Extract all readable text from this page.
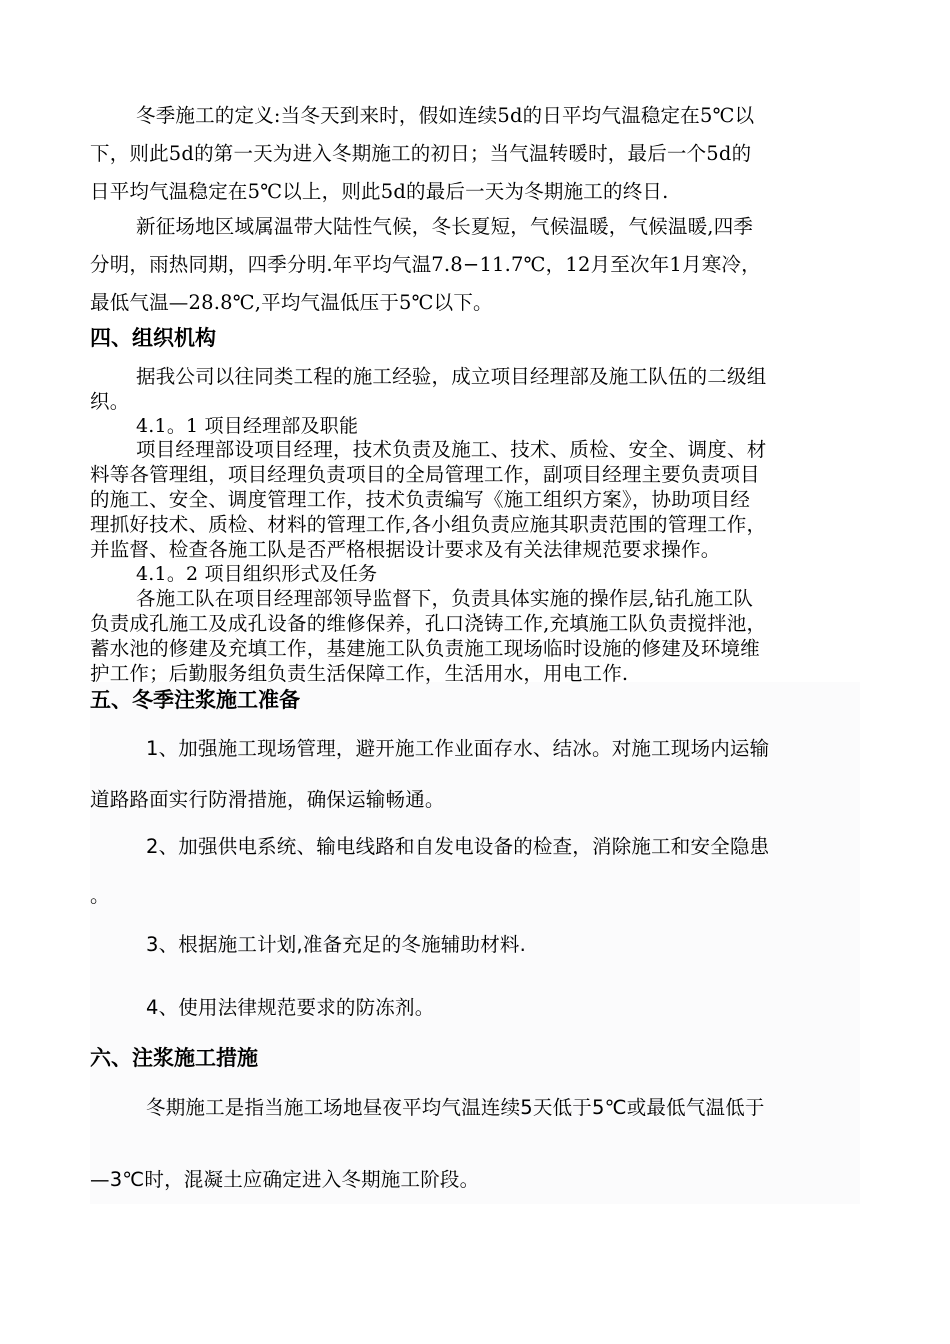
冬季施工的定义:当冬天到来时，假如连续5d的日平均气温稳定在5℃以
下，则此5d的第一天为进入冬期施工的初日；当气温转暖时，最后一个5d的
日平均气温稳定在5℃以上，则此5d的最后一天为冬期施工的终日.
新征场地区域属温带大陆性气候，冬长夏短，气候温暖，气候温暖,四季
分明，雨热同期，四季分明.年平均气温7.8−11.7℃，12月至次年1月寒冷，
最低气温—28.8℃,平均气温低压于5℃以下。
四、组织机构
据我公司以往同类工程的施工经验，成立项目经理部及施工队伍的二级组
织。
4.1。1 项目经理部及职能
项目经理部设项目经理，技术负责及施工、技术、质检、安全、调度、材
料等各管理组，项目经理负责项目的全局管理工作，副项目经理主要负责项目
的施工、安全、调度管理工作，技术负责编写《施工组织方案》，协助项目经
理抓好技术、质检、材料的管理工作,各小组负责应施其职责范围的管理工作，
并监督、检查各施工队是否严格根据设计要求及有关法律规范要求操作。
4.1。2 项目组织形式及任务
各施工队在项目经理部领导监督下，负责具体实施的操作层,钻孔施工队
负责成孔施工及成孔设备的维修保养，孔口浇铸工作,充填施工队负责搅拌池，
蓄水池的修建及充填工作，基建施工队负责施工现场临时设施的修建及环境维
护工作；后勤服务组负责生活保障工作，生活用水，用电工作.
五、冬季注浆施工准备
1、加强施工现场管理，避开施工作业面存水、结冰。对施工现场内运输
道路路面实行防滑措施，确保运输畅通。
2、加强供电系统、输电线路和自发电设备的检查，消除施工和安全隐患
。
3、根据施工计划,准备充足的冬施辅助材料.
4、使用法律规范要求的防冻剂。
六、注浆施工措施
冬期施工是指当施工场地昼夜平均气温连续5天低于5℃或最低气温低于
—3℃时，混凝土应确定进入冬期施工阶段。
